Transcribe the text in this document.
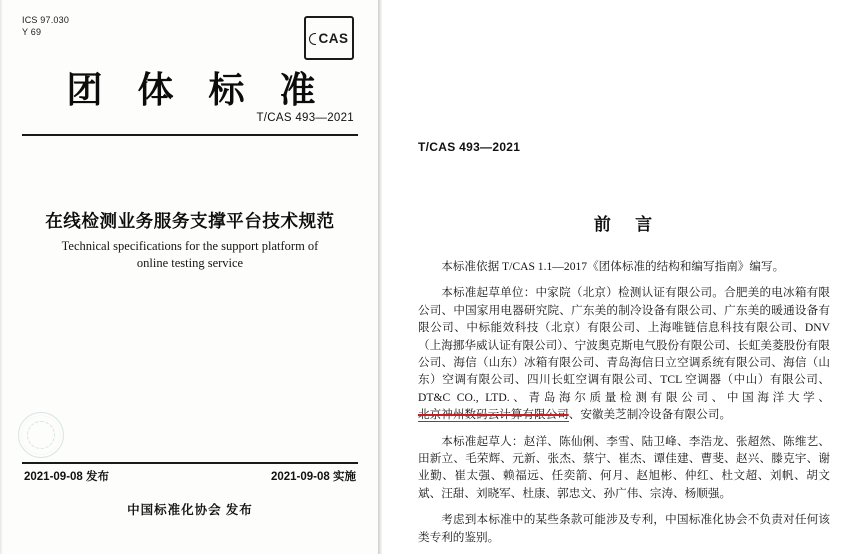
ICS 97.030
Y 69	CAS
团 体 标 准
T/CAS 493—2021
在线检测业务服务支撑平台技术规范
Technical specifications for the support platform of
online testing service
2021-09-08 发布	2021-09-08 实施
中国标准化协会 发布
T/CAS 493—2021
前 言

本标准依据 T/CAS 1.1—2017《团体标准的结构和编写指南》编写。

本标准起草单位：中家院（北京）检测认证有限公司。合肥美的电冰箱有限公司、中国家用电器研究院、广东美的制冷设备有限公司、广东美的暖通设备有限公司、中标能效科技（北京）有限公司、上海唯链信息科技有限公司、DNV（上海挪华威认证有限公司）、宁波奥克斯电气股份有限公司、长虹美菱股份有限公司、海信（山东）冰箱有限公司、青岛海信日立空调系统有限公司、海信（山东）空调有限公司、四川长虹空调有限公司、TCL 空调器（中山）有限公司、DT&C CO., LTD.、青岛海尔质量检测有限公司、中国海洋大学、北京神州数码云计算有限公司、安徽美芝制冷设备有限公司。

本标准起草人：赵洋、陈仙俐、李雪、陆卫峰、李浩龙、张超然、陈维艺、田新立、毛荣辉、元新、张杰、蔡宁、崔杰、谭佳建、曹斐、赵兴、滕克宇、谢业勤、崔太强、赖福远、任奕箭、何月、赵旭彬、仲红、杜文超、刘帆、胡文斌、汪甜、刘晓军、杜康、郭忠文、孙广伟、宗涛、杨顺强。

考虑到本标准中的某些条款可能涉及专利，中国标准化协会不负责对任何该类专利的鉴别。
